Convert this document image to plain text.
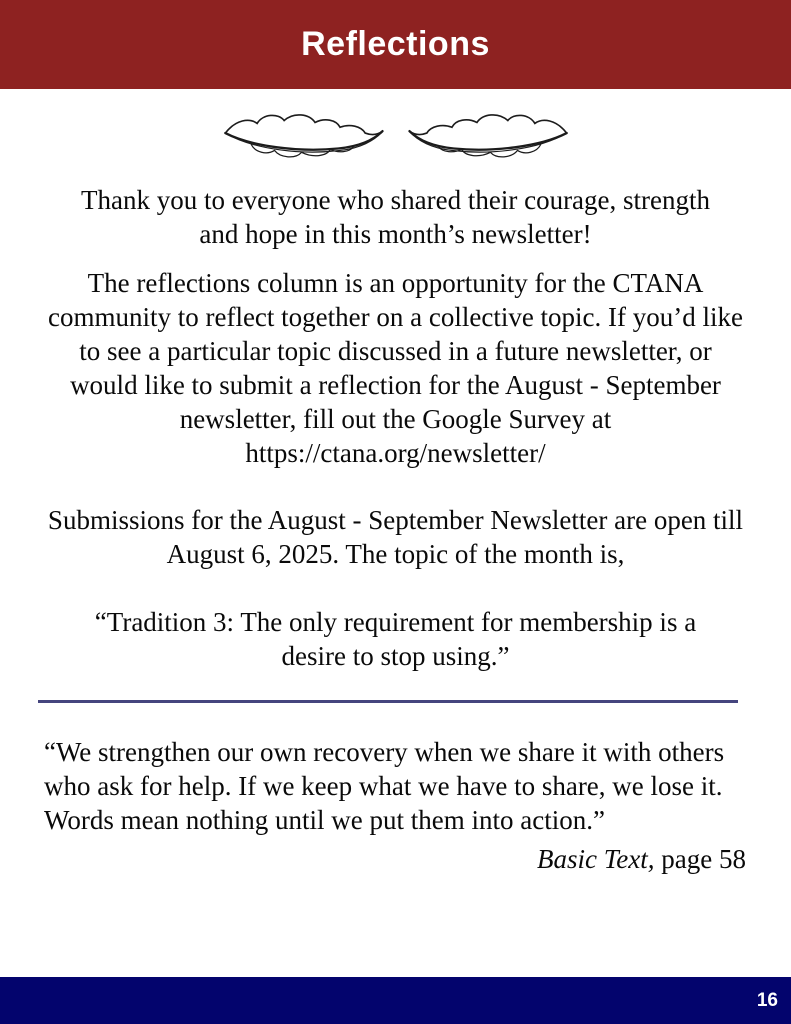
Reflections

Thank you to everyone who shared their courage, strength and hope in this month’s newsletter!

The reflections column is an opportunity for the CTANA community to reflect together on a collective topic. If you’d like to see a particular topic discussed in a future newsletter, or would like to submit a reflection for the August - September newsletter, fill out the Google Survey at
https://ctana.org/newsletter/

Submissions for the August - September Newsletter are open till August 6, 2025. The topic of the month is,

“Tradition 3: The only requirement for membership is a desire to stop using.”

“We strengthen our own recovery when we share it with others who ask for help. If we keep what we have to share, we lose it. Words mean nothing until we put them into action.”

Basic Text, page 58

16
